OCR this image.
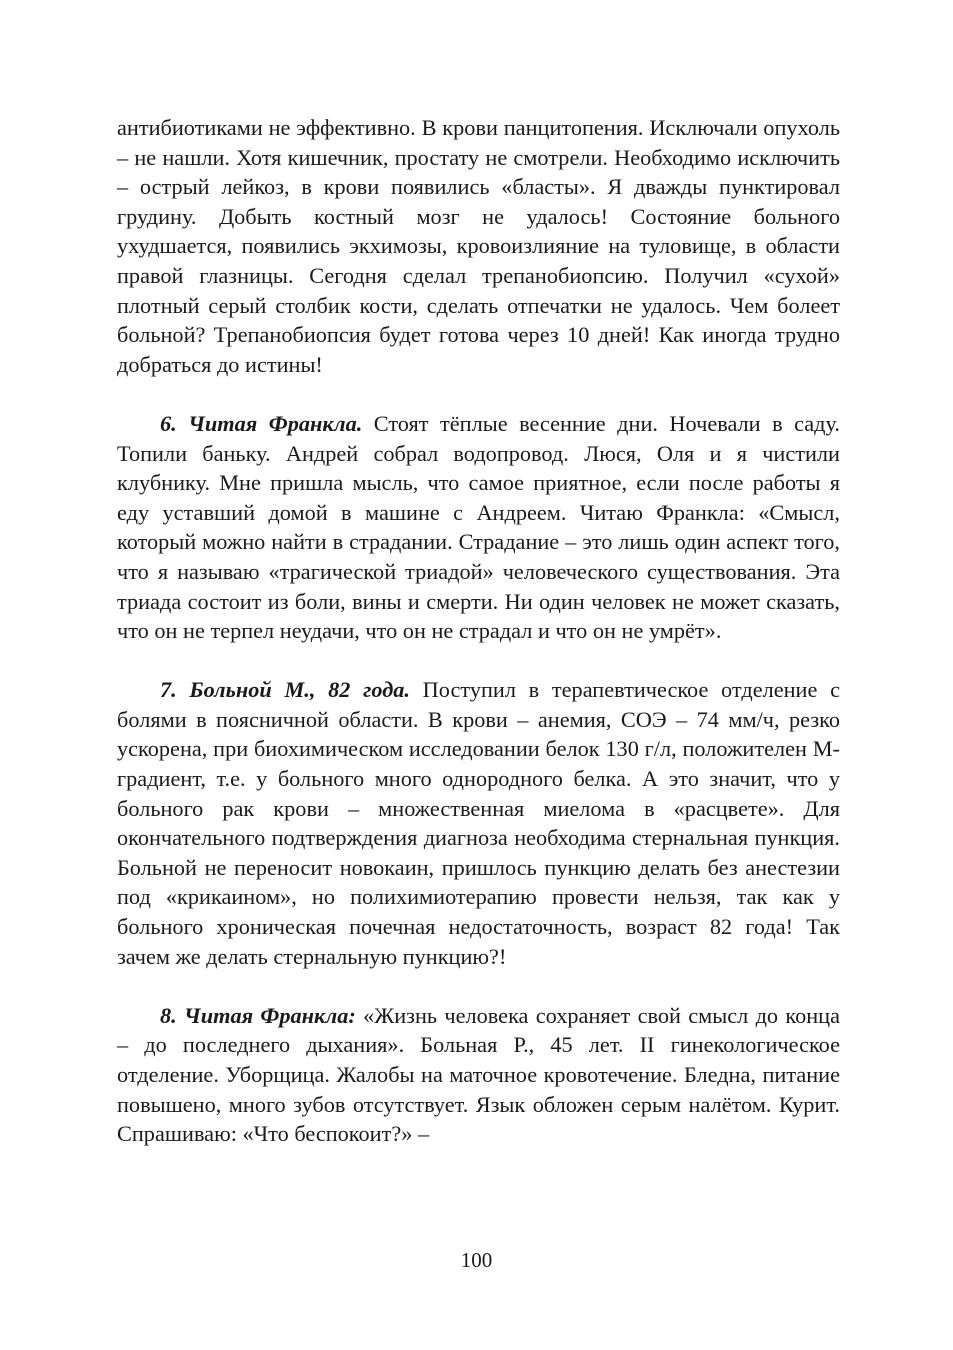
антибиотиками не эффективно. В крови панцитопения. Исключали опухоль – не нашли. Хотя кишечник, простату не смотрели. Необходимо исключить – острый лейкоз, в крови появились «бласты». Я дважды пунктировал грудину. Добыть костный мозг не удалось! Состояние больного ухудшается, появились экхимозы, кровоизлияние на туловище, в области правой глазницы. Сегодня сделал трепанобиопсию. Получил «сухой» плотный серый столбик кости, сделать отпечатки не удалось. Чем болеет больной? Трепанобиопсия будет готова через 10 дней! Как иногда трудно добраться до истины!

6. Читая Франкла. Стоят тёплые весенние дни. Ночевали в саду. Топили баньку. Андрей собрал водопровод. Люся, Оля и я чистили клубнику. Мне пришла мысль, что самое приятное, если после работы я еду уставший домой в машине с Андреем. Читаю Франкла: «Смысл, который можно найти в страдании. Страдание – это лишь один аспект того, что я называю «трагической триадой» человеческого существования. Эта триада состоит из боли, вины и смерти. Ни один человек не может сказать, что он не терпел неудачи, что он не страдал и что он не умрёт».

7. Больной М., 82 года. Поступил в терапевтическое отделение с болями в поясничной области. В крови – анемия, СОЭ – 74 мм/ч, резко ускорена, при биохимическом исследовании белок 130 г/л, положителен М-градиент, т.е. у больного много однородного белка. А это значит, что у больного рак крови – множественная миелома в «расцвете». Для окончательного подтверждения диагноза необходима стернальная пункция. Больной не переносит новокаин, пришлось пункцию делать без анестезии под «крикаином», но полихимиотерапию провести нельзя, так как у больного хроническая почечная недостаточность, возраст 82 года! Так зачем же делать стернальную пункцию?!

8. Читая Франкла: «Жизнь человека сохраняет свой смысл до конца – до последнего дыхания». Больная Р., 45 лет. II гинекологическое отделение. Уборщица. Жалобы на маточное кровотечение. Бледна, питание повышено, много зубов отсутствует. Язык обложен серым налётом. Курит. Спрашиваю: «Что беспокоит?» –

100
